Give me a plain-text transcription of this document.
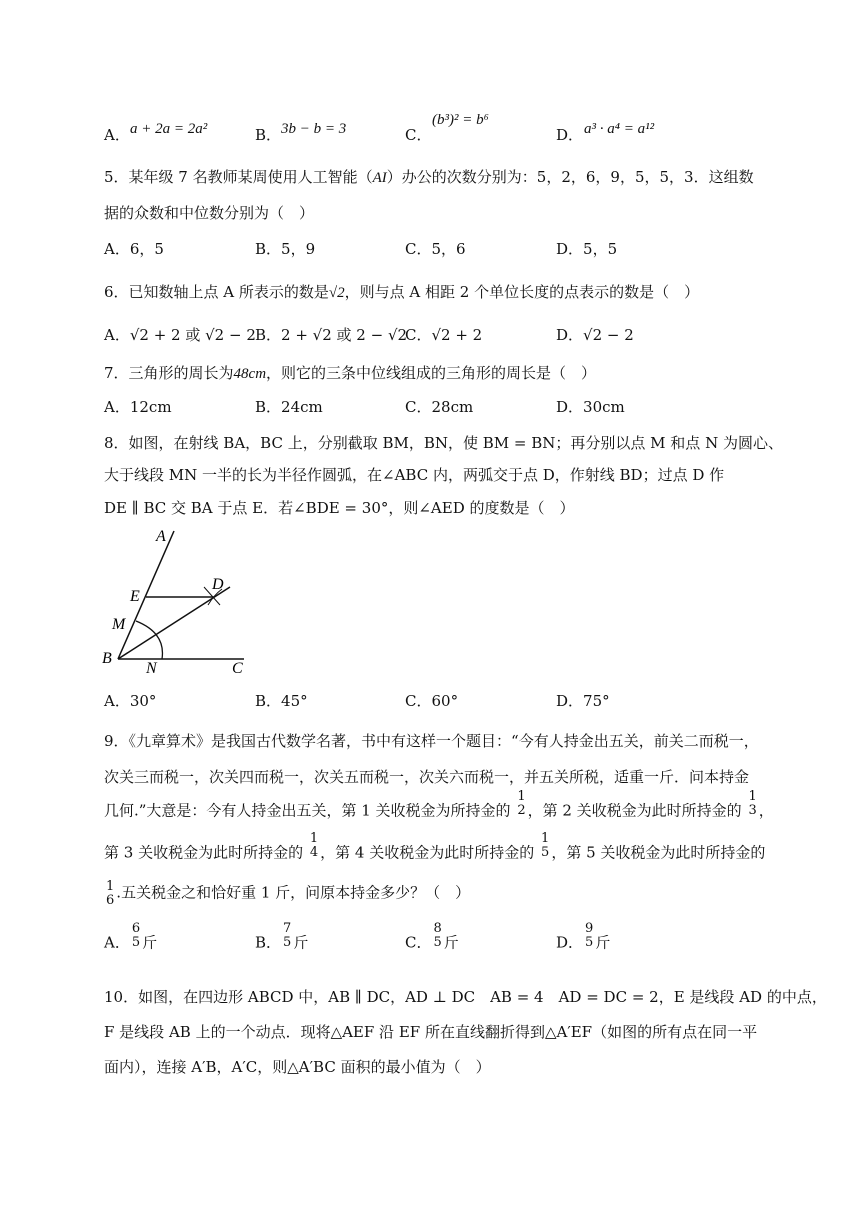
A． a + 2a = 2a²	B． 3b − b = 3	C．
(b³)² = b⁶
D． a³ · a⁴ = a¹²
5．某年级 7 名教师某周使用人工智能（AI）办公的次数分别为：5，2，6，9，5，5，3．这组数
据的众数和中位数分别为（　）
A．6，5	B．5，9	C．5，6	D．5，5
6．已知数轴上点 A 所表示的数是√2，则与点 A 相距 2 个单位长度的点表示的数是（　）
A．√2 + 2 或 √2 − 2 B．2 + √2 或 2 − √2
C．√2 + 2	D．√2 − 2
7．三角形的周长为48cm，则它的三条中位线组成的三角形的周长是（　）
A．12cm	B．24cm	C．28cm	D．30cm
8．如图，在射线 BA，BC 上，分别截取 BM，BN，使 BM = BN；再分别以点 M 和点 N 为圆心、
大于线段 MN 一半的长为半径作圆弧，在∠ABC 内，两弧交于点 D，作射线 BD；过点 D 作
DE ∥ BC 交 BA 于点 E．若∠BDE = 30°，则∠AED 的度数是（　）
A
D
E
M
B
N	C
A．30°	B．45°	C．60°	D．75°
9．《九章算术》是我国古代数学名著，书中有这样一个题目：“今有人持金出五关，前关二而税一，
次关三而税一，次关四而税一，次关五而税一，次关六而税一，并五关所税，适重一斤．问本持金
几何.”大意是：今有人持金出五关，第 1 关收税金为所持金的
1
2 ，第 2 关收税金为此时所持金的
1
3 ，
第 3 关收税金为此时所持金的
1
4 ，第 4 关收税金为此时所持金的
1
5 ，第 5 关收税金为此时所持金的
1
6 .五关税金之和恰好重 1 斤，问原本持金多少？（　）
A．
6
5 斤	B．
7
5 斤	C．
8
5 斤	D．
9
5 斤
10．如图，在四边形 ABCD 中，AB ∥ DC，AD ⊥ DC　AB = 4　AD = DC = 2，E 是线段 AD 的中点，
F 是线段 AB 上的一个动点．现将△AEF 沿 EF 所在直线翻折得到△A′EF（如图的所有点在同一平
面内），连接 A′B，A′C，则△A′BC 面积的最小值为（　）
